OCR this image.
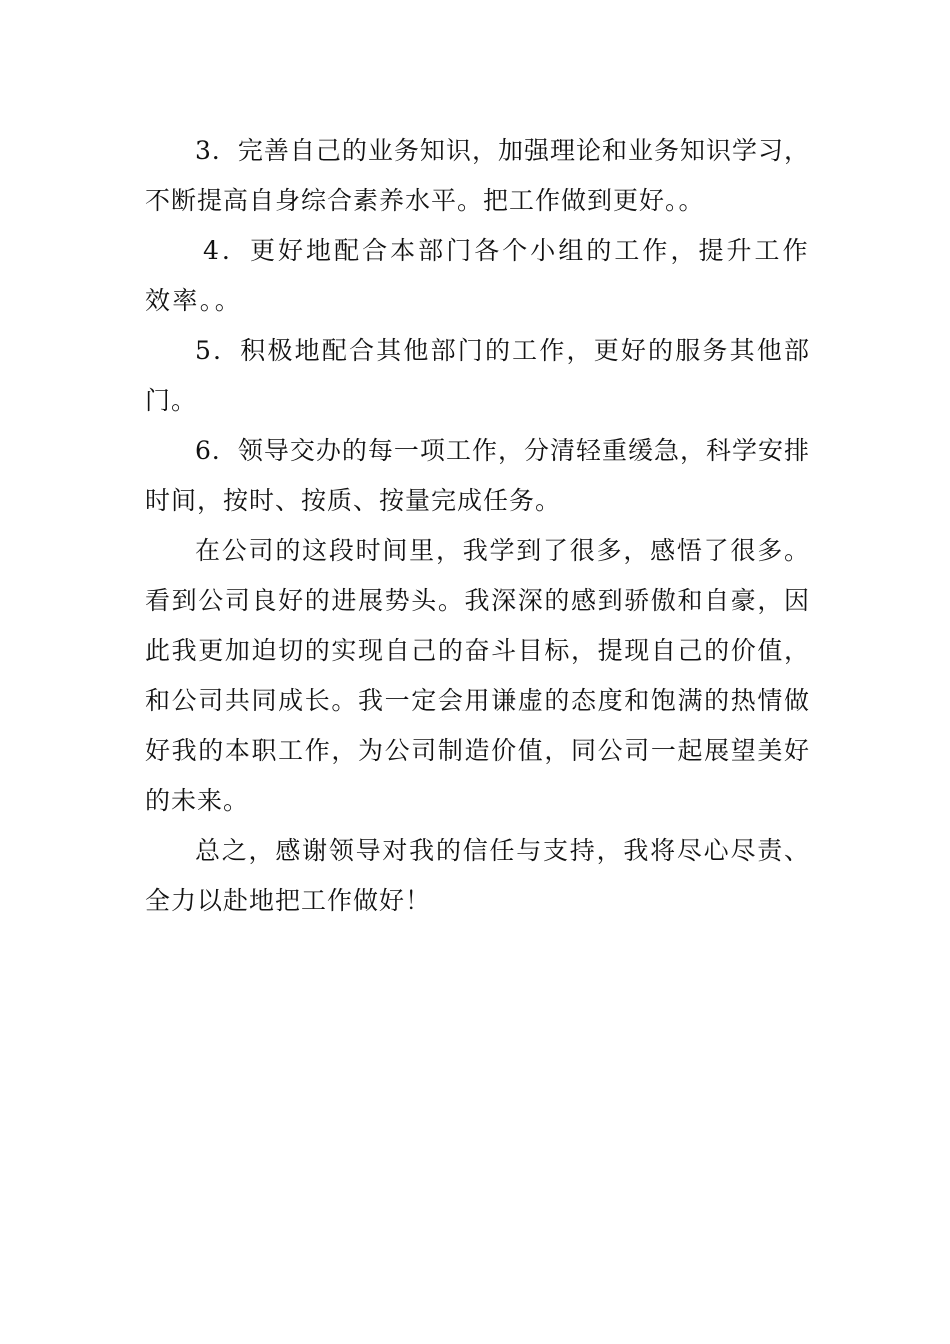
3．完善自己的业务知识，加强理论和业务知识学习，不断提高自身综合素养水平。把工作做到更好。。

4．更好地配合本部门各个小组的工作，提升工作效率。。

5．积极地配合其他部门的工作，更好的服务其他部门。

6．领导交办的每一项工作，分清轻重缓急，科学安排时间，按时、按质、按量完成任务。

在公司的这段时间里，我学到了很多，感悟了很多。看到公司良好的进展势头。我深深的感到骄傲和自豪，因此我更加迫切的实现自己的奋斗目标，提现自己的价值，和公司共同成长。我一定会用谦虚的态度和饱满的热情做好我的本职工作，为公司制造价值，同公司一起展望美好的未来。

总之，感谢领导对我的信任与支持，我将尽心尽责、全力以赴地把工作做好！
